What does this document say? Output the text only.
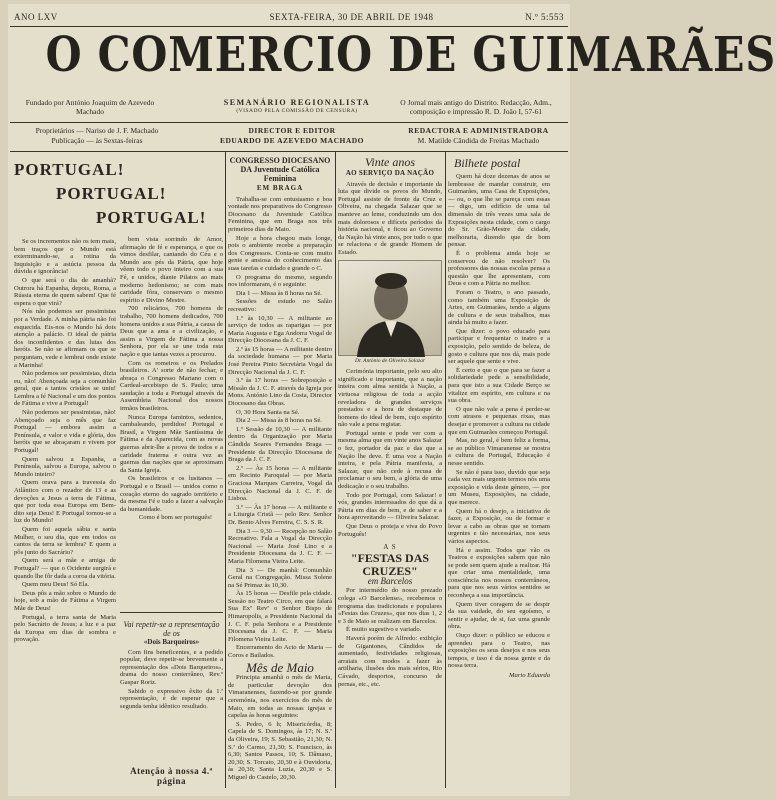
ANO LXV	SEXTA-FEIRA, 30 DE ABRIL DE 1948	N.º 5:553
O COMERCIO DE GUIMARÃES
Fundado por António Joaquim de Azevedo Machado
SEMANÁRIO REGIONALISTA
(VISADO PELA COMISSÃO DE CENSURA)
O Jornal mais antigo do Distrito. Redacção, Adm., composição e impressão R. D. João I, 57-61
Proprietários — Nariso de J. F. Machado
Publicação — às Sextas-feiras
DIRECTOR E EDITOR
EDUARDO DE AZEVEDO MACHADO
REDACTORA E ADMINISTRADORA
M. Matilde Cândida de Freitas Machado
PORTUGAL!
PORTUGAL!
PORTUGAL!

Se os incrementos não os tem mais, bem traços que o Mundo está exterminando-se, a rotina da Inquisição e a astúcia pessoa da dúvida e ignorância!

O que será o dia de amanhã? Outrora há Espanha, depois, Roma, a Rússia eterna de quem sabem! Que fé espera o que virá?

Nós não podemos ser pessimistas por a Verdade. A minha pátria não foi esquecida. Eis-nos o Mundo há dois atenção a palácio. O ideal de pátria dos inconfidentes e das lutas dos heróis. Se não se afirmam os que se perguntam, vede e lembrai onde existe a Marinha!

Não podemos ser pessimistas, dizia eu, não! Abençoada seja a comunhão geral, que a tantos cristãos se uniu! Lembra a fé Nacional e um dos pontos de Fátima e vive a Portugal!

Não podemos ser pessimistas, não! Abençoado seja o mês que faz Portugal — embora assim a Península, e valor e vida e glória, dos heróis que se abraçaram e vivem por Portugal!

Quem salvou a Espanha, a Península, salvou a Europa, salvou o Mundo inteiro?

Quem orava para a travessia do Atlântico com o rezador de 13 e as devoções a Jesus a terra de Fátima, que por toda essa Europa em Bem-dito seja Deus! E Portugal tornou-se a luz do Mundo!

Quem foi aquela sábia e santa Mulher, o seu dia, que em todos os cantos da terra se lembra? E quem a pôs junto do Sacrário?

Quem será a mãe e amiga de Portugal? — que o Ocidente surgirá e quando lhe fôr dada a coroa da vitória.

Quem meu Deus! Só Ela.

Deus pôs a mão sobre o Mundo de hoje, sob a mão de Fátima a Virgem Mãe de Deus!

Portugal, a terra santa de Maria pelo Sacrário de Jesus; a luz e a paz da Europa em dias de sombra e provação.

bem vista sorrindo de Amor, afirmação de fé e esperança, e que os vimos desfilar, cantando do Céu e o Mundo aos pés da Pátria, que hoje vêem todo o povo inteiro com a sua Fé, e unidos, diante Pilatos ao mais moderno hedonismo; se com mais caridade fôra, conservam o mesmo espírito e Divino Mestre.

700 relicários, 700 homens de trabalho, 700 homens dedicados, 700 homens unidos a sua Pátria, a causa de Deus que a ama e a civilização, e assim a Virgem de Fátima a nossa Senhora, por ela se une toda esta nação e que tantas vezes a procurou.

Com os romeiros e os Prelados brasileiros. A' sorte de não fechar, e abraça o Congresso Mariano com o Cardeal-arcebispo de S. Paulo; uma saudação a toda a Portugal através da Assembleia Nacional dos nossos irmãos brasileiros.

Nunca Europa famintos, sedentos, cambaleando, perdidos! Portugal e Brasil, a Virgem Mãe Santíssima de Fátima e da Aparecida, com as novas guerras abrir-lhe a prova de todos e a caridade fraterna e outra vez as guerras das nações que se aproximam da Santa Igreja.

Os brasileiros e os lusitanos — Portugal e o Brasil — unidos como o coração eterno do sagrado território e da mesma Fé e tudo a fazer a salvação da humanidade.

Como é bom ser português!

Vai repetir-se a representação de os
«Dois Barqueiros»

Com fins beneficentes, e a pedido popular, deve repetir-se brevemente a representação dos «Dois Barqueiros», drama do nosso conterrâneo, Rev.º Gaspar Roriz.

Sabido o expressivo êxito da 1.ª representação, é de esperar que a segunda tenha idêntico resultado.

Atenção à nossa 4.ª página
CONGRESSO DIOCESANO DA Juventude Católica Feminina
EM BRAGA

Trabalha-se com entusiasmo e boa vontade nos preparativos do Congresso Diocesano da Juventude Católica Feminina, que em Braga nos três primeiros dias de Maio.

Hoje a hora chegou mais longe, pois o ambiente recebe a preparação dos Congressos. Conta-se com muito gente e ansiosa do conhecimento das suas tarefas e cuidado e grande o C.

O programa do mesmo, segundo nos informaram, é o seguinte:

Dia 1 — Missa às 8 horas na Sé.

Sessões de estudo no Salão recreativo:

1.º às 10,30 — A militante ao serviço de todos as raparigas — por Maria Augusta e Ega Andorra Vogal de Direcção Diocesana da J. C. F.

2.º às 15 horas — A militante dentro da sociedade humana — por Maria José Pereira Pinto Secretária Vogal da Direcção Nacional da J. C. F.

3.º às 17 horas — Sobreposição e Missão da J. C. F. através da Igreja por Mons. António Lino da Costa, Director Diocesano das Obras.

O, 30 Hora Santa na Sé.

Dia 2 — Missa às 8 horas na Sé.

1.º Sessão de 10,30 — A militante dentro da Organização por Maria Cândida Soares Fernandes Braga — Presidente da Direcção Diocesana de Braga da J. C. F.

2.º — Às 15 horas — A militante em Recinto Paroquial — por Maria Graciosa Marques Carreira, Vogal da Direcção Nacional da J. C. F. de Lisboa.

3.º — Às 17 horas — A militante e a Liturgia Cristã — pelo Rev. Senhor Dr. Bento Alves Ferreira, C. S. S. R.

Dia 3 — 9,30 — Recepção no Salão Recreativo. Fala a Vogal da Direcção Nacional — Maria José Lino e a Presidente Diocesana da J. C. F. — Maria Filomena Vieira Leite.

Dia 3 — De manhã: Comunhão Geral na Congregação. Missa Solene na Sé Primaz às 10,30.

Às 15 horas — Desfile pela cidade. Sessão no Teatro Circo, em que falará Sua Exª Revª o Senhor Bispo de Himaropolis, a Presidente Nacional da J. C. F. pela Senhora e a Presidente Diocesana da J. C. F. — Maria Filomena Vieira Leite.

Encerramento do Acto de Maria — Coros e Bailados.

Mês de Maio

Principia amanhã o mês de Maria, de particular devoção dos Vimaranenses, fazendo-se por grande ceremónia, nos exercícios do mês de Maio, em todas as nossas igrejas e capelas às horas seguintes:

S. Pedro, 6 h; Misericórdia, 8; Capela de S. Domingos, às 17; N. S.ª da Oliveira, 19; S. Sebastião, 21,30; N. S.ª do Carmo, 21,30; S. Francisco, às 6,30; Santos Passos, 10; S. Dâmaso, 20,30; S. Torcato, 20,30 e à Ouvidoria, às 20,30; Santa Luzia, 20,30 e S. Miguel do Castelo, 20,30.

Vinte anos
AO SERVIÇO DA NAÇÃO

Através de decisão e importante da luta que divide os povos do Mundo, Portugal assiste de fronte da Cruz e Oliveira, na chegada Salazar que se manteve ao leme, conduzindo um dos mais dolorosos e difíceis períodos da história nacional, e ficou ao Governo da Nação há vinte anos, por tudo o que se relaciona e de grande Homem de Estado.

Dr. António de Oliveira Salazar

Cerimónia importante, pelo seu alto significado e importante, que a nação inteira com alma sentida à Nação, a virtuosa religiosa de toda a acção reveladora de grandes serviços prestados e a hora de destaque de homens do ideal de bem, cujo espírito não vale a pena registar.

Portugal sente e pode ver com a mesma alma que em vinte anos Salazar o fez, portador da paz e das que a Nação lhe deve. É uma voz a Nação inteira, e pela Pátria manifesta, a Salazar, que não cede à recusa de proclamar o seu bem, a glória de uma dedicação e o seu trabalho.

Todo por Portugal, com Salazar! e vós, grandes interessados do que dá a Pátria em dias de bem, e de saber e a hora aproveitando — Oliveira Salazar.

Que Deus o proteja e viva do Povo Português!

A S
"FESTAS DAS CRUZES"
em Barcelos

Por intermédio do nosso prezado colega «O Barcelense», recebemos o programa das tradicionais e populares «Festas das Cruzes», que nos dias 1, 2 e 3 de Maio se realizam em Barcelos.

É muito sugestivo e variado.

Haverá porém de Alfredo: exibição de Gigantones, Cândidos de aumentado, festividades religiosas, arraiais com modos a fazer às artilharia, ilusões dos mais sérios, Rio Cávado, desportos, concurso de pernas, etc., etc.

Bilhete postal

Quem há doze dezenas de anos se lembrasse de mandar construir, em Guimarães, uma Casa de Exposições, — ou, o que lhe se pareça com essas — digo, um edifício de uma tal dimensão de três vezes uma sala de Exposições nesta cidade, com o cargo do Sr. Grão-Mestre da cidade, melhoraria, dizendo que de bom pensar.

É o problema ainda hoje se conservou de não resolver? Os professores das nossas escolas pensa a questão que lhe apresentam, com Deus e com a Pátria no melhor.

Foram o Teatro, o ano passado, como também uma Exposição de Artes, em Guimarães, tendo a alguns de cultura e de seus trabalhos, mas ainda há muito a fazer.

Que dizer: o povo educado para participar e frequentar o teatro e a exposição, pelo sentido de beleza, de gosto e cultura que nos dá, mais pode ser aquele que sente e vive.

É certo e que o que para se fazer a solidariedade pede a sensibilidade, para que isto a sua Cidade Berço se vitalize em espírito, em cultura e na sua obra.

O que não vale a pena é perder-se com atrasos e pequenas rixas, mas desejar e promover a cultura na cidade que em Guimarães começou Portugal.

Mas, no geral, é bem feliz a forma, se ao público Vimaranense se mostra a cultura de Portugal, Educação é nesse sentido.

Se não é para isso, duvido que seja cada vez mais urgente termos nós uma exposição e vida deste género, — por um Museu, Exposições, na cidade, que merece.

Quem há o desejo, a iniciativa de fazer, a Exposição, ou de formar e levar a cabo as obras que se tornam urgentes e tão necessárias, nos seus vários aspectos.

Há e assim. Todos que vão os Teatros e exposições sabem que não se pode sem quem ajude a realizar. Há que criar uma mentalidade, uma consciência nos nossos conterrâneos, para que nos seus vários sentidos se reconheça a sua importância.

Quem tiver coragem de se despir da sua vaidade, do seu egoísmo, e sentir e ajudar, de si, faz uma grande obra.

Ouço dizer: o público se educou e aprendeu para o Teatro, nas exposições os seus desejos e nos seus tempos, e isso é da nossa gente e da nossa terra.

Mario Eduarda
